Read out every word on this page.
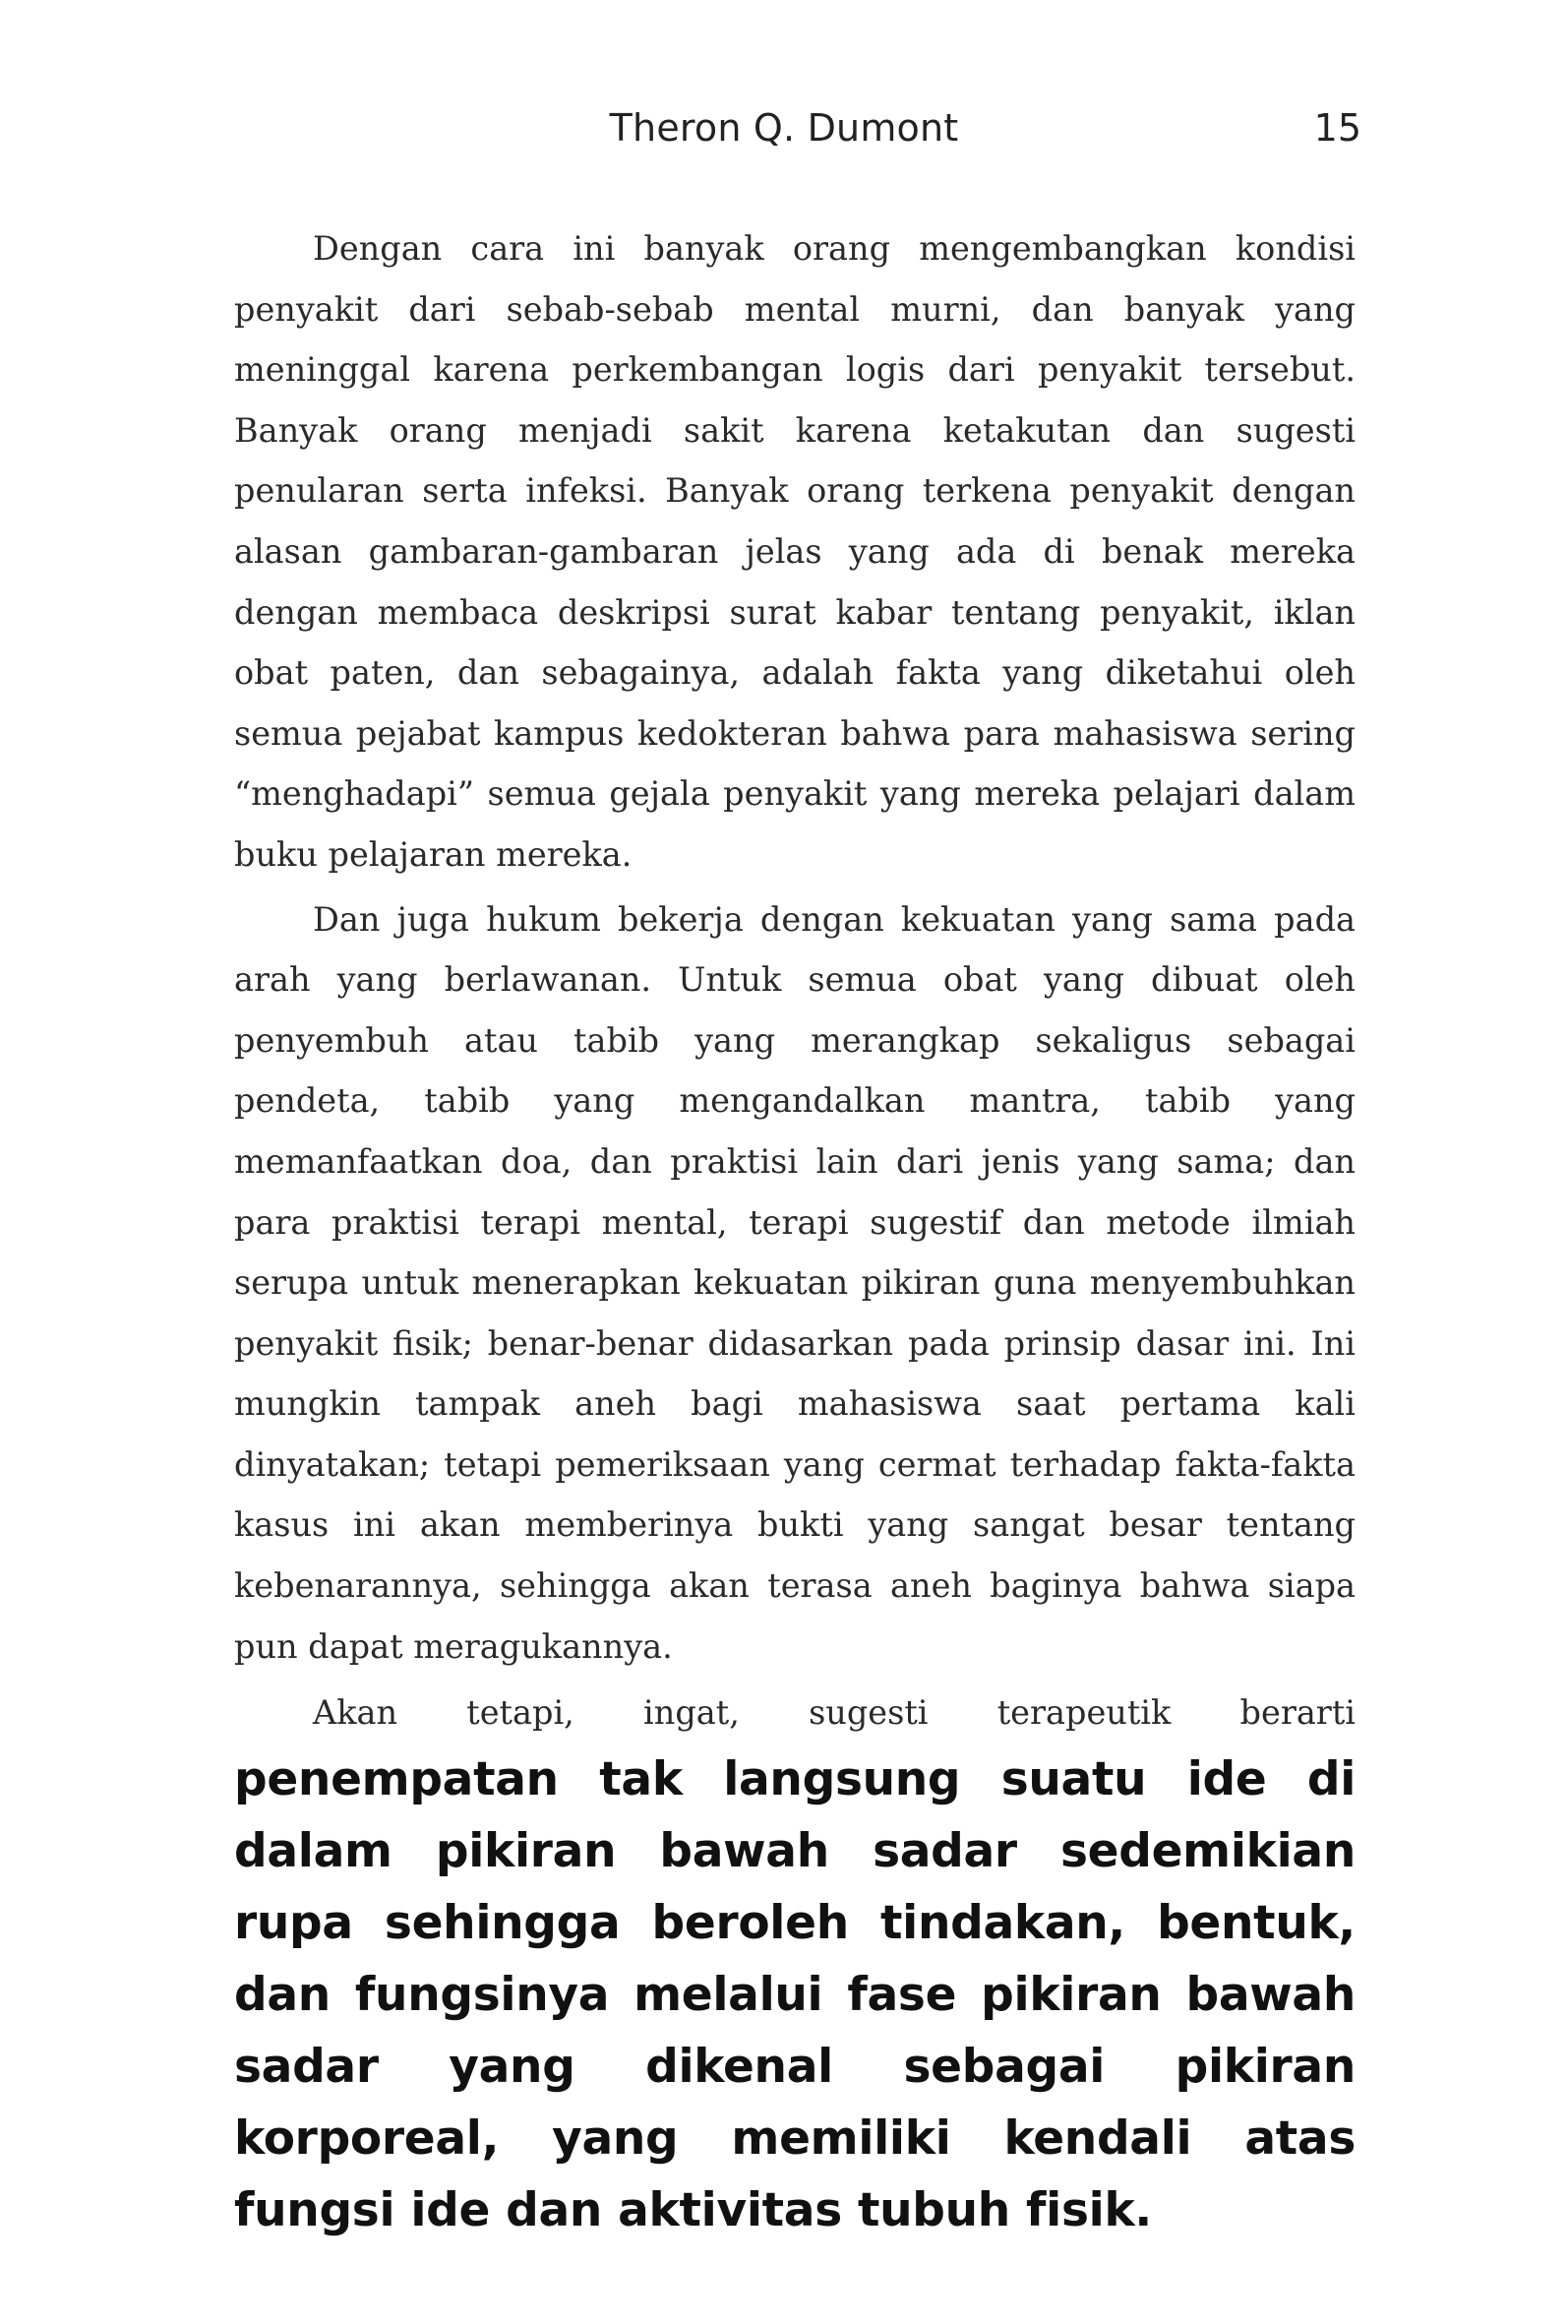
Theron Q. Dumont	15

Dengan cara ini banyak orang mengembangkan kondisi penyakit dari sebab-sebab mental murni, dan banyak yang meninggal karena perkembangan logis dari penyakit tersebut. Banyak orang menjadi sakit karena ketakutan dan sugesti penularan serta infeksi. Banyak orang terkena penyakit dengan alasan gambaran-gambaran jelas yang ada di benak mereka dengan membaca deskripsi surat kabar tentang penyakit, iklan obat paten, dan sebagainya, adalah fakta yang diketahui oleh semua pejabat kampus kedokteran bahwa para mahasiswa sering “menghadapi” semua gejala penyakit yang mereka pelajari dalam buku pelajaran mereka.

Dan juga hukum bekerja dengan kekuatan yang sama pada arah yang berlawanan. Untuk semua obat yang dibuat oleh penyembuh atau tabib yang merangkap sekaligus sebagai pendeta, tabib yang mengandalkan mantra, tabib yang memanfaatkan doa, dan praktisi lain dari jenis yang sama; dan para praktisi terapi mental, terapi sugestif dan metode ilmiah serupa untuk menerapkan kekuatan pikiran guna menyembuhkan penyakit fisik; benar-benar didasarkan pada prinsip dasar ini. Ini mungkin tampak aneh bagi mahasiswa saat pertama kali dinyatakan; tetapi pemeriksaan yang cermat terhadap fakta-fakta kasus ini akan memberinya bukti yang sangat besar tentang kebenarannya, sehingga akan terasa aneh baginya bahwa siapa pun dapat meragukannya.

Akan tetapi, ingat, sugesti terapeutik berarti penempatan tak langsung suatu ide di dalam pikiran bawah sadar sedemikian rupa sehingga beroleh tindakan, bentuk, dan fungsinya melalui fase pikiran bawah sadar yang dikenal sebagai pikiran korporeal, yang memiliki kendali atas fungsi ide dan aktivitas tubuh fisik.
